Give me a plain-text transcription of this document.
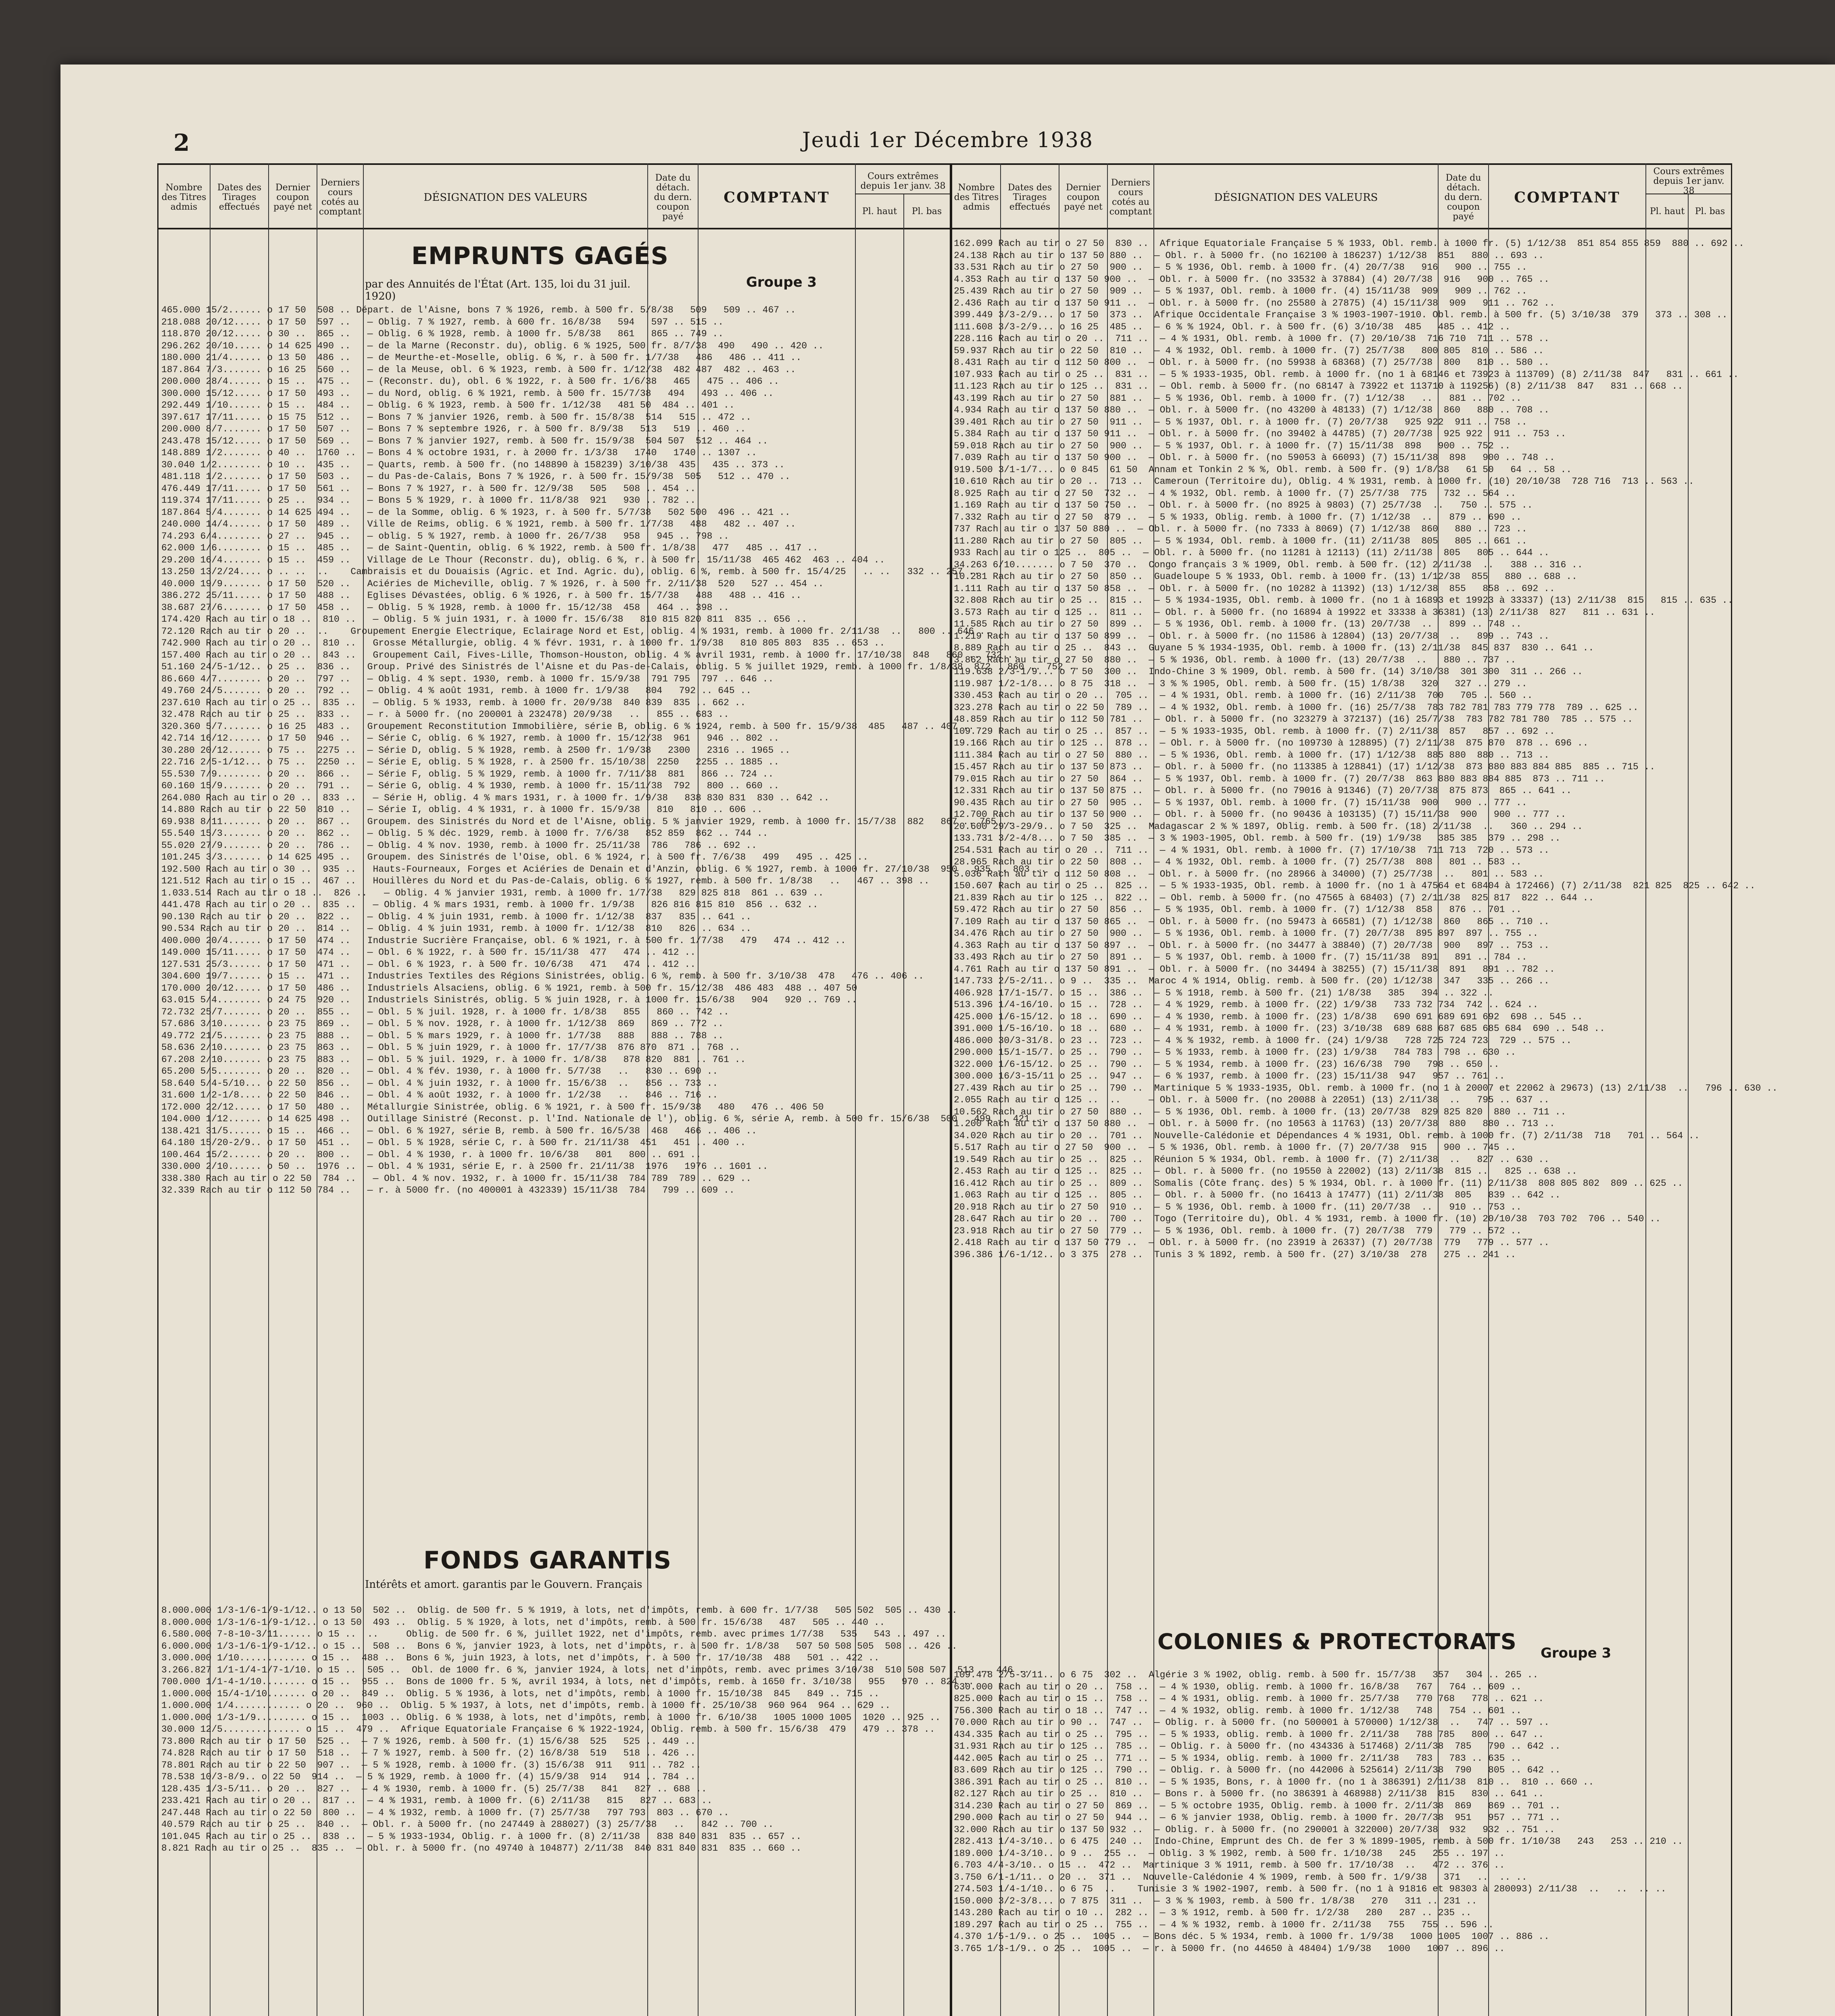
2	Jeudi 1er Décembre 1938
Nombre des Titres admis
Dates des Tirages effectués
Dernier coupon payé net
Derniers cours cotés au comptant
DÉSIGNATION DES VALEURS
Date du détach. du dern. coupon payé
COMPTANT
Cours extrêmes depuis 1er janv. 38
Pl. haut	Pl. bas
Nombre des Titres admis
Dates des Tirages effectués
Dernier coupon payé net
Derniers cours cotés au comptant
DÉSIGNATION DES VALEURS
Date du détach. du dern. coupon payé
COMPTANT
Cours extrêmes depuis 1er janv. 38
Pl. haut	Pl. bas
EMPRUNTS GAGÉS
par des Annuités de l'État (Art. 135, loi du 31 juil. 1920)
Groupe 3
FONDS GARANTIS
Intérêts et amort. garantis par le Gouvern. Français
COLONIES & PROTECTORATS Groupe 3
465.000 15/2...... o 17 50  508 .. Départ. de l'Aisne, bons 7 % 1926, remb. à 500 fr. 5/8/38   509   509 .. 467 ..
218.088 20/12..... o 17 50  597 ..   — Oblig. 7 % 1927, remb. à 600 fr. 16/8/38   594   597 .. 515 ..
118.870 20/12..... o 30 ..  865 ..   — Oblig. 6 % 1928, remb. à 1000 fr. 5/8/38   861   865 .. 749 ..
296.262 20/10..... o 14 625 490 ..   — de la Marne (Reconstr. du), oblig. 6 % 1925, 500 fr. 8/7/38  490   490 .. 420 ..
180.000 21/4...... o 13 50  486 ..   — de Meurthe-et-Moselle, oblig. 6 %, r. à 500 fr. 1/7/38   486   486 .. 411 ..
187.864 7/3....... o 16 25  560 ..   — de la Meuse, obl. 6 % 1923, remb. à 500 fr. 1/12/38  482 487  482 .. 463 ..
200.000 28/4...... o 15 ..  475 ..   — (Reconstr. du), obl. 6 % 1922, r. à 500 fr. 1/6/38   465   475 .. 406 ..
300.000 15/12..... o 17 50  493 ..   — du Nord, oblig. 6 % 1921, remb. à 500 fr. 15/7/38   494   493 .. 406 ..
292.449 1/10...... o 15 ..  484 ..   — Oblig. 6 % 1923, remb. à 500 fr. 1/12/38   481 50  484 .. 401 ..
397.617 17/11..... o 15 75  512 ..   — Bons 7 % janvier 1926, remb. à 500 fr. 15/8/38  514   515 .. 472 ..
200.000 8/7....... o 17 50  507 ..   — Bons 7 % septembre 1926, r. à 500 fr. 8/9/38   513   519 .. 460 ..
243.478 15/12..... o 17 50  569 ..   — Bons 7 % janvier 1927, remb. à 500 fr. 15/9/38  504 507  512 .. 464 ..
148.889 1/2....... o 40 ..  1760 ..  — Bons 4 % octobre 1931, r. à 2000 fr. 1/3/38   1740   1740 .. 1307 ..
30.040 1/2........ o 10 ..  435 ..   — Quarts, remb. à 500 fr. (no 148890 à 158239) 3/10/38  435   435 .. 373 ..
481.118 1/2....... o 17 50  503 ..   — du Pas-de-Calais, Bons 7 % 1926, r. à 500 fr. 15/9/38  505   512 .. 470 ..
476.449 17/11..... o 17 50  561 ..   — Bons 7 % 1927, r. à 500 fr. 12/9/38   505   508 .. 454 ..
119.374 17/11..... o 25 ..  934 ..   — Bons 5 % 1929, r. à 1000 fr. 11/8/38  921   930 .. 782 ..
187.864 5/4....... o 14 625 494 ..   — de la Somme, oblig. 6 % 1923, r. à 500 fr. 5/7/38   502 500  496 .. 421 ..
240.000 14/4...... o 17 50  489 ..   Ville de Reims, oblig. 6 % 1921, remb. à 500 fr. 1/7/38   488   482 .. 407 ..
74.293 6/4........ o 27 ..  945 ..   — oblig. 5 % 1927, remb. à 1000 fr. 26/7/38   958   945 .. 798 ..
62.000 1/6........ o 15 ..  485 ..   — de Saint-Quentin, oblig. 6 % 1922, remb. à 500 fr. 1/8/38   477   485 .. 417 ..
29.200 16/4....... o 15 ..  459 ..   Village de Le Thour (Reconstr. du), oblig. 6 %, r. à 500 fr. 15/11/38  465 462  463 .. 404 ..
13.250 13/2/24.... o .. ..  ..    Cambraisis et du Douaisis (Agric. et Ind. Agric. du), oblig. 6 %, remb. à 500 fr. 15/4/25   .. ..   332 .. 257 ..
40.000 19/9....... o 17 50  520 ..   Aciéries de Micheville, oblig. 7 % 1926, r. à 500 fr. 2/11/38  520   527 .. 454 ..
386.272 25/11..... o 17 50  488 ..   Eglises Dévastées, oblig. 6 % 1926, r. à 500 fr. 15/7/38   488   488 .. 416 ..
38.687 27/6....... o 17 50  458 ..   — Oblig. 5 % 1928, remb. à 1000 fr. 15/12/38  458   464 .. 398 ..
174.420 Rach au tir o 18 ..  810 ..   — Oblig. 5 % juin 1931, r. à 1000 fr. 15/6/38   810 815 820 811  835 .. 656 ..
72.120 Rach au tir o 20 ..  ..    Groupement Energie Electrique, Eclairage Nord et Est, oblig. 4 % 1931, remb. à 1000 fr. 2/11/38  ..   800 .. 646 ..
742.900 Rach au tir o 20 ..  810 ..   Grosse Métallurgie, oblig. 4 % févr. 1931, r. à 1000 fr. 1/9/38   810 805 803  835 .. 653 ..
157.400 Rach au tir o 20 ..  843 ..   Groupement Cail, Fives-Lille, Thomson-Houston, oblig. 4 % avril 1931, remb. à 1000 fr. 17/10/38  848   860 .. 732 ..
51.160 24/5-1/12.. o 25 ..  836 ..   Group. Privé des Sinistrés de l'Aisne et du Pas-de-Calais, oblig. 5 % juillet 1929, remb. à 1000 fr. 1/8/38  872   860 .. 752 ..
86.660 4/7........ o 20 ..  797 ..   — Oblig. 4 % sept. 1930, remb. à 1000 fr. 15/9/38  791 795  797 .. 646 ..
49.760 24/5....... o 20 ..  792 ..   — Oblig. 4 % août 1931, remb. à 1000 fr. 1/9/38   804   792 .. 645 ..
237.610 Rach au tir o 25 ..  835 ..   — Oblig. 5 % 1933, remb. à 1000 fr. 20/9/38  840 839  835 .. 662 ..
32.478 Rach au tir o 25 ..  833 ..   — r. à 5000 fr. (no 200001 à 232478) 20/9/38   ..   855 .. 683 ..
320.360 5/7....... o 16 25  483 ..   Groupement Reconstitution Immobilière, série B, oblig. 6 % 1924, remb. à 500 fr. 15/9/38  485   487 .. 407 ..
42.714 16/12...... o 17 50  946 ..   — Série C, oblig. 6 % 1927, remb. à 1000 fr. 15/12/38  961   946 .. 802 ..
30.280 20/12...... o 75 ..  2275 ..  — Série D, oblig. 5 % 1928, remb. à 2500 fr. 1/9/38   2300   2316 .. 1965 ..
22.716 2/5-1/12... o 75 ..  2250 ..  — Série E, oblig. 5 % 1928, r. à 2500 fr. 15/10/38  2250   2255 .. 1885 ..
55.530 7/9........ o 20 ..  866 ..   — Série F, oblig. 5 % 1929, remb. à 1000 fr. 7/11/38  881   866 .. 724 ..
60.160 15/9....... o 20 ..  791 ..   — Série G, oblig. 4 % 1930, remb. à 1000 fr. 15/11/38  792   800 .. 660 ..
264.080 Rach au tir o 20 ..  833 ..   — Série H, oblig. 4 % mars 1931, r. à 1000 fr. 1/9/38   838 830 831  830 .. 642 ..
14.880 Rach au tir o 22 50  810 ..   — Série I, oblig. 4 % 1931, r. à 1000 fr. 15/9/38   810   810 .. 606 ..
69.938 8/11....... o 20 ..  867 ..   Groupem. des Sinistrés du Nord et de l'Aisne, oblig. 5 % janvier 1929, remb. à 1000 fr. 15/7/38  882   867 .. 765 ..
55.540 15/3....... o 20 ..  862 ..   — Oblig. 5 % déc. 1929, remb. à 1000 fr. 7/6/38   852 859  862 .. 744 ..
55.020 27/9....... o 20 ..  786 ..   — Oblig. 4 % nov. 1930, remb. à 1000 fr. 25/11/38  786   786 .. 692 ..
101.245 3/3....... o 14 625 495 ..   Groupem. des Sinistrés de l'Oise, obl. 6 % 1924, r. à 500 fr. 7/6/38   499   495 .. 425 ..
192.500 Rach au tir o 30 ..  935 ..   Hauts-Fourneaux, Forges et Aciéries de Denain et d'Anzin, oblig. 6 % 1927, remb. à 1000 fr. 27/10/38  950   935 .. 803 ..
121.512 Rach au tir o 15 ..  467 ..   Houillères du Nord et du Pas-de-Calais, oblig. 6 % 1927, remb. à 500 fr. 1/8/38   ..   467 .. 398 ..
1.033.514 Rach au tir o 18 ..  826 ..   — Oblig. 4 % janvier 1931, remb. à 1000 fr. 1/7/38   829 825 818  861 .. 639 ..
441.478 Rach au tir o 20 ..  835 ..   — Oblig. 4 % mars 1931, remb. à 1000 fr. 1/9/38   826 816 815 810  856 .. 632 ..
90.130 Rach au tir o 20 ..  822 ..   — Oblig. 4 % juin 1931, remb. à 1000 fr. 1/12/38  837   835 .. 641 ..
90.534 Rach au tir o 20 ..  814 ..   — Oblig. 4 % juin 1931, remb. à 1000 fr. 1/12/38  810   826 .. 634 ..
400.000 20/4...... o 17 50  474 ..   Industrie Sucrière Française, obl. 6 % 1921, r. à 500 fr. 1/7/38   479   474 .. 412 ..
149.000 15/11..... o 17 50  474 ..   — Obl. 6 % 1922, r. à 500 fr. 15/11/38  477   474 .. 412 ..
127.531 25/3...... o 17 50  471 ..   — Obl. 6 % 1923, r. à 500 fr. 10/6/38   471   474 .. 412 ..
304.600 19/7...... o 15 ..  471 ..   Industries Textiles des Régions Sinistrées, oblig. 6 %, remb. à 500 fr. 3/10/38  478   476 .. 406 ..
170.000 20/12..... o 17 50  486 ..   Industriels Alsaciens, oblig. 6 % 1921, remb. à 500 fr. 15/12/38  486 483  488 .. 407 50
63.015 5/4........ o 24 75  920 ..   Industriels Sinistrés, oblig. 5 % juin 1928, r. à 1000 fr. 15/6/38   904   920 .. 769 ..
72.732 25/7....... o 20 ..  855 ..   — Obl. 5 % juil. 1928, r. à 1000 fr. 1/8/38   855   860 .. 742 ..
57.686 3/10....... o 23 75  869 ..   — Obl. 5 % nov. 1928, r. à 1000 fr. 1/12/38  869   869 .. 772 ..
49.772 21/5....... o 23 75  888 ..   — Obl. 5 % mars 1929, r. à 1000 fr. 1/7/38   888   888 .. 788 ..
58.636 2/10....... o 23 75  863 ..   — Obl. 5 % juin 1929, r. à 1000 fr. 17/7/38  876 870  871 .. 768 ..
67.208 2/10....... o 23 75  883 ..   — Obl. 5 % juil. 1929, r. à 1000 fr. 1/8/38   878 820  881 .. 761 ..
65.200 5/5........ o 20 ..  820 ..   — Obl. 4 % fév. 1930, r. à 1000 fr. 5/7/38   ..   830 .. 690 ..
58.640 5/4-5/10... o 22 50  856 ..   — Obl. 4 % juin 1932, r. à 1000 fr. 15/6/38  ..   856 .. 733 ..
31.600 1/2-1/8.... o 22 50  846 ..   — Obl. 4 % août 1932, r. à 1000 fr. 1/2/38   ..   846 .. 716 ..
172.000 22/12..... o 17 50  480 ..   Métallurgie Sinistrée, oblig. 6 % 1921, r. à 500 fr. 15/9/38   480   476 .. 406 50
104.000 1/12...... o 14 625 498 ..   Outillage Sinistré (Reconst. p. l'Ind. Nationale de l'), oblig. 6 %, série A, remb. à 500 fr. 15/6/38  500   499 .. 421 ..
138.421 31/5...... o 15 ..  466 ..   — Obl. 6 % 1927, série B, remb. à 500 fr. 16/5/38  468   466 .. 406 ..
64.180 15/20-2/9.. o 17 50  451 ..   — Obl. 5 % 1928, série C, r. à 500 fr. 21/11/38  451   451 .. 400 ..
100.464 15/2...... o 20 ..  800 ..   — Obl. 4 % 1930, r. à 1000 fr. 10/6/38   801   800 .. 691 ..
330.000 2/10...... o 50 ..  1976 ..  — Obl. 4 % 1931, série E, r. à 2500 fr. 21/11/38  1976   1976 .. 1601 ..
338.380 Rach au tir o 22 50  784 ..   — Obl. 4 % nov. 1932, r. à 1000 fr. 15/11/38  784 789  789 .. 629 ..
32.339 Rach au tir o 112 50 784 ..   — r. à 5000 fr. (no 400001 à 432339) 15/11/38  784   799 .. 609 ..
8.000.000 1/3-1/6-1/9-1/12.. o 13 50  502 ..  Oblig. de 500 fr. 5 % 1919, à lots, net d'impôts, remb. à 600 fr. 1/7/38   505 502  505 .. 430 ..
8.000.000 1/3-1/6-1/9-1/12.. o 13 50  493 ..  Oblig. 5 % 1920, à lots, net d'impôts, remb. à 500 fr. 15/6/38   487   505 .. 440 ..
6.580.000 7-8-10-3/11...... o 15 ..  ..     Oblig. de 500 fr. 6 %, juillet 1922, net d'impôts, remb. avec primes 1/7/38   535   543 .. 497 ..
6.000.000 1/3-1/6-1/9-1/12.. o 15 ..  508 ..  Bons 6 %, janvier 1923, à lots, net d'impôts, r. à 500 fr. 1/8/38   507 50 508 505  508 .. 426 ..
3.000.000 1/10............ o 15 ..  488 ..  Bons 6 %, juin 1923, à lots, net d'impôts, r. à 500 fr. 17/10/38  488   501 .. 422 ..
3.266.827 1/1-1/4-1/7-1/10. o 15 ..  505 ..  Obl. de 1000 fr. 6 %, janvier 1924, à lots, net d'impôts, remb. avec primes 3/10/38  510 508 507  513 .. 446 ..
700.000 1/1-4-1/10........ o 15 ..  955 ..  Bons de 1000 fr. 5 %, avril 1934, à lots, net d'impôts, remb. à 1650 fr. 3/10/38   955   970 .. 824 ..
1.000.000 15/4-1/10....... o 20 ..  849 ..  Oblig. 5 % 1936, à lots, net d'impôts, remb. à 1000 fr. 15/10/38  845   849 .. 715 ..
1.000.000 1/4............ o 20 ..  960 ..  Oblig. 5 % 1937, à lots, net d'impôts, remb. à 1000 fr. 25/10/38  960 964  964 .. 629 ..
1.000.000 1/3-1/9......... o 15 ..  1003 .. Oblig. 6 % 1938, à lots, net d'impôts, remb. à 1000 fr. 6/10/38   1005 1000 1005  1020 .. 925 ..
30.000 12/5.............. o 15 ..  479 ..  Afrique Equatoriale Française 6 % 1922-1924, Oblig. remb. à 500 fr. 15/6/38  479   479 .. 378 ..
73.800 Rach au tir o 17 50  525 ..  — 7 % 1926, remb. à 500 fr. (1) 15/6/38  525   525 .. 449 ..
74.828 Rach au tir o 17 50  518 ..  — 7 % 1927, remb. à 500 fr. (2) 16/8/38  519   518 .. 426 ..
78.801 Rach au tir o 22 50  907 ..  — 5 % 1928, remb. à 1000 fr. (3) 15/6/38  911   911 .. 782 ..
78.538 10/3-8/9.. o 22 50  914 ..  — 5 % 1929, remb. à 1000 fr. (4) 15/9/38  914   914 .. 784 ..
128.435 1/3-5/11.. o 20 ..  827 ..  — 4 % 1930, remb. à 1000 fr. (5) 25/7/38   841   827 .. 688 ..
233.421 Rach au tir o 20 ..  817 ..  — 4 % 1931, remb. à 1000 fr. (6) 2/11/38   815   827 .. 683 ..
247.448 Rach au tir o 22 50  800 ..  — 4 % 1932, remb. à 1000 fr. (7) 25/7/38   797 793  803 .. 670 ..
40.579 Rach au tir o 25 ..  840 ..  — Obl. r. à 5000 fr. (no 247449 à 288027) (3) 25/7/38   ..   842 .. 700 ..
101.045 Rach au tir o 25 ..  838 ..  — 5 % 1933-1934, Oblig. r. à 1000 fr. (8) 2/11/38   838 840 831  835 .. 657 ..
8.821 Rach au tir o 25 ..  835 ..  — Obl. r. à 5000 fr. (no 49740 à 104877) 2/11/38  840 831 840 831  835 .. 660 ..
162.099 Rach au tir o 27 50  830 ..  Afrique Equatoriale Française 5 % 1933, Obl. remb. à 1000 fr. (5) 1/12/38  851 854 855 859  880 .. 692 ..
24.138 Rach au tir o 137 50 880 ..  — Obl. r. à 5000 fr. (no 162100 à 186237) 1/12/38  851   880 .. 693 ..
33.531 Rach au tir o 27 50  900 ..  — 5 % 1936, Obl. remb. à 1000 fr. (4) 20/7/38   916   900 .. 755 ..
4.353 Rach au tir o 137 50 900 ..  — Obl. r. à 5000 fr. (no 33532 à 37884) (4) 20/7/38  916   900 .. 765 ..
25.439 Rach au tir o 27 50  909 ..  — 5 % 1937, Obl. remb. à 1000 fr. (4) 15/11/38  909   909 .. 762 ..
2.436 Rach au tir o 137 50 911 ..  — Obl. r. à 5000 fr. (no 25580 à 27875) (4) 15/11/38  909   911 .. 762 ..
399.449 3/3-2/9... o 17 50  373 ..  Afrique Occidentale Française 3 % 1903-1907-1910. Obl. remb. à 500 fr. (5) 3/10/38  379   373 .. 308 ..
111.608 3/3-2/9... o 16 25  485 ..  — 6 % % 1924, Obl. r. à 500 fr. (6) 3/10/38  485   485 .. 412 ..
228.116 Rach au tir o 20 ..  711 ..  — 4 % 1931, Obl. remb. à 1000 fr. (7) 20/10/38  716 710  711 .. 578 ..
59.937 Rach au tir o 22 50  810 ..  — 4 % 1932, Obl. remb. à 1000 fr. (7) 25/7/38   800 805  810 .. 586 ..
8.431 Rach au tir o 112 50 800 ..  — Obl. r. à 5000 fr. (no 59938 à 68368) (7) 25/7/38  800   810 .. 580 ..
107.933 Rach au tir o 25 ..  831 ..  — 5 % 1933-1935, Obl. remb. à 1000 fr. (no 1 à 68146 et 73923 à 113709) (8) 2/11/38  847   831 .. 661 ..
11.123 Rach au tir o 125 ..  831 ..  — Obl. remb. à 5000 fr. (no 68147 à 73922 et 113710 à 119256) (8) 2/11/38  847   831 .. 668 ..
43.199 Rach au tir o 27 50  881 ..  — 5 % 1936, Obl. remb. à 1000 fr. (7) 1/12/38   ..   881 .. 702 ..
4.934 Rach au tir o 137 50 880 ..  — Obl. r. à 5000 fr. (no 43200 à 48133) (7) 1/12/38  860   880 .. 708 ..
39.401 Rach au tir o 27 50  911 ..  — 5 % 1937, Obl. r. à 1000 fr. (7) 20/7/38   925 922  911 .. 758 ..
5.384 Rach au tir o 137 50 911 ..  — Obl. r. à 5000 fr. (no 39402 à 44785) (7) 20/7/38  925 922  911 .. 753 ..
59.018 Rach au tir o 27 50  900 ..  — 5 % 1937, Obl. r. à 1000 fr. (7) 15/11/38  898   900 .. 752 ..
7.039 Rach au tir o 137 50 900 ..  — Obl. r. à 5000 fr. (no 59053 à 66093) (7) 15/11/38  898   900 .. 748 ..
919.500 3/1-1/7... o 0 845  61 50  Annam et Tonkin 2 % %, Obl. remb. à 500 fr. (9) 1/8/38   61 50   64 .. 58 ..
10.610 Rach au tir o 20 ..  713 ..  Cameroun (Territoire du), Oblig. 4 % 1931, remb. à 1000 fr. (10) 20/10/38  728 716  713 .. 563 ..
8.925 Rach au tir o 27 50  732 ..  — 4 % 1932, Obl. remb. à 1000 fr. (7) 25/7/38  775   732 .. 564 ..
1.169 Rach au tir o 137 50 750 ..  — Obl. r. à 5000 fr. (no 8925 à 9803) (7) 25/7/38  ..   750 .. 575 ..
7.332 Rach au tir o 27 50  879 ..  — 5 % 1933, Oblig. remb. à 1000 fr. (7) 1/12/38  ..   879 .. 690 ..
737 Rach au tir o 137 50 880 ..  — Obl. r. à 5000 fr. (no 7333 à 8069) (7) 1/12/38  860   880 .. 723 ..
11.280 Rach au tir o 27 50  805 ..  — 5 % 1934, Obl. remb. à 1000 fr. (11) 2/11/38  805   805 .. 661 ..
933 Rach au tir o 125 ..  805 ..  — Obl. r. à 5000 fr. (no 11281 à 12113) (11) 2/11/38  805   805 .. 644 ..
34.263 6/10....... o 7 50  370 ..  Congo français 3 % 1909, Obl. remb. à 500 fr. (12) 2/11/38  ..   388 .. 316 ..
10.281 Rach au tir o 27 50  850 ..  Guadeloupe 5 % 1933, Obl. remb. à 1000 fr. (13) 1/12/38  855   880 .. 688 ..
1.111 Rach au tir o 137 50 858 ..  — Obl. r. à 5000 fr. (no 10282 à 11392) (13) 1/12/38  855   858 .. 692 ..
32.808 Rach au tir o 25 ..  815 ..  — 5 % 1934-1935, Obl. remb. à 1000 fr. (no 1 à 16893 et 19923 à 33337) (13) 2/11/38  815   815 .. 635 ..
3.573 Rach au tir o 125 ..  811 ..  — Obl. r. à 5000 fr. (no 16894 à 19922 et 33338 à 36381) (13) 2/11/38  827   811 .. 631 ..
11.585 Rach au tir o 27 50  899 ..  — 5 % 1936, Obl. remb. à 1000 fr. (13) 20/7/38  ..   899 .. 748 ..
1.219 Rach au tir o 137 50 899 ..  — Obl. r. à 5000 fr. (no 11586 à 12804) (13) 20/7/38  ..   899 .. 743 ..
8.889 Rach au tir o 25 ..  843 ..  Guyane 5 % 1934-1935, Obl. remb. à 1000 fr. (13) 2/11/38  845 837  830 .. 641 ..
3.862 Rach au tir o 27 50  880 ..  — 5 % 1936, Obl. remb. à 1000 fr. (13) 20/7/38  ..   880 .. 737 ..
119.638 2/3-1/9... o 7 50  300 ..  Indo-Chine 3 % 1909, Obl. remb. à 500 fr. (14) 3/10/38  301 300  311 .. 266 ..
119.987 1/2-1/8... o 8 75  318 ..  — 3 % % 1905, Obl. remb. à 500 fr. (15) 1/8/38   320   327 .. 279 ..
330.453 Rach au tir o 20 ..  705 ..  — 4 % 1931, Obl. remb. à 1000 fr. (16) 2/11/38  700   705 .. 560 ..
323.278 Rach au tir o 22 50  789 ..  — 4 % 1932, Obl. remb. à 1000 fr. (16) 25/7/38  783 782 781 783 779 778  789 .. 625 ..
48.859 Rach au tir o 112 50 781 ..  — Obl. r. à 5000 fr. (no 323279 à 372137) (16) 25/7/38  783 782 781 780  785 .. 575 ..
109.729 Rach au tir o 25 ..  857 ..  — 5 % 1933-1935, Obl. remb. à 1000 fr. (7) 2/11/38  857   857 .. 692 ..
19.166 Rach au tir o 125 ..  878 ..  — Obl. r. à 5000 fr. (no 109730 à 128895) (7) 2/11/38  875 870  878 .. 696 ..
111.384 Rach au tir o 27 50  880 ..  — 5 % 1936, Obl. remb. à 1000 fr. (17) 1/12/38  885 880  880 .. 713 ..
15.457 Rach au tir o 137 50 873 ..  — Obl. r. à 5000 fr. (no 113385 à 128841) (17) 1/12/38  873 880 883 884 885  885 .. 715 ..
79.015 Rach au tir o 27 50  864 ..  — 5 % 1937, Obl. remb. à 1000 fr. (7) 20/7/38  863 880 883 884 885  873 .. 711 ..
12.331 Rach au tir o 137 50 875 ..  — Obl. r. à 5000 fr. (no 79016 à 91346) (7) 20/7/38  875 873  865 .. 641 ..
90.435 Rach au tir o 27 50  905 ..  — 5 % 1937, Obl. remb. à 1000 fr. (7) 15/11/38  900   900 .. 777 ..
12.700 Rach au tir o 137 50 900 ..  — Obl. r. à 5000 fr. (no 90436 à 103135) (7) 15/11/38  900   900 .. 777 ..
20.600 29/3-29/9.. o 7 50  325 ..  Madagascar 2 % % 1897, Oblig. remb. à 500 fr. (18) 2/11/38  ..   360 .. 294 ..
133.731 3/2-4/8... o 7 50  385 ..  — 3 % 1903-1905, Obl. remb. à 500 fr. (19) 1/9/38   385 385  379 .. 298 ..
254.531 Rach au tir o 20 ..  711 ..  — 4 % 1931, Obl. remb. à 1000 fr. (7) 17/10/38  711 713  720 .. 573 ..
28.965 Rach au tir o 22 50  808 ..  — 4 % 1932, Obl. remb. à 1000 fr. (7) 25/7/38  808   801 .. 583 ..
5.036 Rach au tir o 112 50 808 ..  — Obl. r. à 5000 fr. (no 28966 à 34000) (7) 25/7/38  ..   801 .. 583 ..
150.607 Rach au tir o 25 ..  825 ..  — 5 % 1933-1935, Obl. remb. à 1000 fr. (no 1 à 47564 et 68404 à 172466) (7) 2/11/38  821 825  825 .. 642 ..
21.839 Rach au tir o 125 ..  822 ..  — Obl. remb. à 5000 fr. (no 47565 à 68403) (7) 2/11/38  825 817  822 .. 644 ..
59.472 Rach au tir o 27 50  856 ..  — 5 % 1935, Obl. remb. à 1000 fr. (7) 1/12/38  858   876 .. 701 ..
7.109 Rach au tir o 137 50 865 ..  — Obl. r. à 5000 fr. (no 59473 à 66581) (7) 1/12/38  860   865 .. 710 ..
34.476 Rach au tir o 27 50  900 ..  — 5 % 1936, Obl. remb. à 1000 fr. (7) 20/7/38  895 897  897 .. 755 ..
4.363 Rach au tir o 137 50 897 ..  — Obl. r. à 5000 fr. (no 34477 à 38840) (7) 20/7/38  900   897 .. 753 ..
33.493 Rach au tir o 27 50  891 ..  — 5 % 1937, Obl. remb. à 1000 fr. (7) 15/11/38  891   891 .. 784 ..
4.761 Rach au tir o 137 50 891 ..  — Obl. r. à 5000 fr. (no 34494 à 38255) (7) 15/11/38  891   891 .. 782 ..
147.733 2/5-2/11.. o 9 ..  335 ..  Maroc 4 % 1914, Oblig. remb. à 500 fr. (20) 1/12/38  347   335 .. 266 ..
406.928 17/1-15/7. o 15 ..  386 ..  — 5 % 1918, remb. à 500 fr. (21) 1/8/38   385   394 .. 322 ..
513.396 1/4-16/10. o 15 ..  728 ..  — 4 % 1929, remb. à 1000 fr. (22) 1/9/38   733 732 734  742 .. 624 ..
425.000 1/6-15/12. o 18 ..  690 ..  — 4 % 1930, remb. à 1000 fr. (23) 1/8/38   690 691 689 691 692  698 .. 545 ..
391.000 1/5-16/10. o 18 ..  680 ..  — 4 % 1931, remb. à 1000 fr. (23) 3/10/38  689 688 687 685 685 684  690 .. 548 ..
486.000 30/3-31/8. o 23 ..  723 ..  — 4 % % 1932, remb. à 1000 fr. (24) 1/9/38   728 725 724 723  729 .. 575 ..
290.000 15/1-15/7. o 25 ..  790 ..  — 5 % 1933, remb. à 1000 fr. (23) 1/9/38   784 783  798 .. 630 ..
322.000 1/6-15/12. o 25 ..  790 ..  — 5 % 1934, remb. à 1000 fr. (23) 16/6/38  790   798 .. 650 ..
300.000 16/3-15/11 o 25 ..  947 ..  — 6 % 1937, remb. à 1000 fr. (23) 15/11/38  947   957 .. 761 ..
27.439 Rach au tir o 25 ..  790 ..  Martinique 5 % 1933-1935, Obl. remb. à 1000 fr. (no 1 à 20007 et 22062 à 29673) (13) 2/11/38  ..   796 .. 630 ..
2.055 Rach au tir o 125 ..  ..     — Obl. r. à 5000 fr. (no 20088 à 22051) (13) 2/11/38  ..   795 .. 637 ..
10.562 Rach au tir o 27 50  880 ..  — 5 % 1936, Obl. remb. à 1000 fr. (13) 20/7/38  829 825 820  880 .. 711 ..
1.200 Rach au tir o 137 50 880 ..  — Obl. r. à 5000 fr. (no 10563 à 11763) (13) 20/7/38  880   880 .. 713 ..
34.020 Rach au tir o 20 ..  701 ..  Nouvelle-Calédonie et Dépendances 4 % 1931, Obl. remb. à 1000 fr. (7) 2/11/38  718   701 .. 564 ..
5.517 Rach au tir o 27 50  900 ..  — 5 % 1936, Obl. remb. à 1000 fr. (7) 20/7/38  915   900 .. 745 ..
19.549 Rach au tir o 25 ..  825 ..  Réunion 5 % 1934, Obl. remb. à 1000 fr. (7) 2/11/38  ..   827 .. 630 ..
2.453 Rach au tir o 125 ..  825 ..  — Obl. r. à 5000 fr. (no 19550 à 22002) (13) 2/11/38  815 ..   825 .. 638 ..
16.412 Rach au tir o 25 ..  809 ..  Somalis (Côte franç. des) 5 % 1934, Obl. r. à 1000 fr. (11) 2/11/38  808 805 802  809 .. 625 ..
1.063 Rach au tir o 125 ..  805 ..  — Obl. r. à 5000 fr. (no 16413 à 17477) (11) 2/11/38  805   839 .. 642 ..
20.918 Rach au tir o 27 50  910 ..  — 5 % 1936, Obl. remb. à 1000 fr. (11) 20/7/38  ..   910 .. 753 ..
28.647 Rach au tir o 20 ..  700 ..  Togo (Territoire du), Obl. 4 % 1931, remb. à 1000 fr. (10) 20/10/38  703 702  706 .. 540 ..
23.918 Rach au tir o 27 50  779 ..  — 5 % 1936, Obl. remb. à 1000 fr. (7) 20/7/38  779   779 .. 572 ..
2.418 Rach au tir o 137 50 779 ..  — Obl. r. à 5000 fr. (no 23919 à 26337) (7) 20/7/38  779   779 .. 577 ..
396.386 1/6-1/12.. o 3 375  278 ..  Tunis 3 % 1892, remb. à 500 fr. (27) 3/10/38  278   275 .. 241 ..
109.478 2/5-3/11.. o 6 75  302 ..  Algérie 3 % 1902, oblig. remb. à 500 fr. 15/7/38   357   304 .. 265 ..
630.000 Rach au tir o 20 ..  758 ..  — 4 % 1930, oblig. remb. à 1000 fr. 16/8/38   767   764 .. 609 ..
825.000 Rach au tir o 15 ..  758 ..  — 4 % 1931, oblig. remb. à 1000 fr. 25/7/38   770 768   778 .. 621 ..
756.300 Rach au tir o 18 ..  747 ..  — 4 % 1932, oblig. remb. à 1000 fr. 1/12/38   748   754 .. 601 ..
70.000 Rach au tir o 90 ..  747 ..  — Oblig. r. à 5000 fr. (no 500001 à 570000) 1/12/38  ..   747 .. 597 ..
434.335 Rach au tir o 25 ..  795 ..  — 5 % 1933, oblig. remb. à 1000 fr. 2/11/38   788 785   800 .. 647 ..
31.931 Rach au tir o 125 ..  785 ..  — Oblig. r. à 5000 fr. (no 434336 à 517468) 2/11/38  785   790 .. 642 ..
442.005 Rach au tir o 25 ..  771 ..  — 5 % 1934, oblig. remb. à 1000 fr. 2/11/38   783   783 .. 635 ..
83.609 Rach au tir o 125 ..  790 ..  — Oblig. r. à 5000 fr. (no 442006 à 525614) 2/11/38  790   805 .. 642 ..
386.391 Rach au tir o 25 ..  810 ..  — 5 % 1935, Bons, r. à 1000 fr. (no 1 à 386391) 2/11/38  810 ..  810 .. 660 ..
82.127 Rach au tir o 25 ..  810 ..  — Bons r. à 5000 fr. (no 386391 à 468988) 2/11/38  815   830 .. 641 ..
314.230 Rach au tir o 27 50  869 ..  — 5 % octobre 1935, Oblig. remb. à 1000 fr. 2/11/38  869   869 .. 701 ..
290.000 Rach au tir o 27 50  944 ..  — 6 % janvier 1938, Oblig. remb. à 1000 fr. 20/7/38  951   957 .. 771 ..
32.000 Rach au tir o 137 50 932 ..  — Oblig. r. à 5000 fr. (no 290001 à 322000) 20/7/38  932   932 .. 751 ..
282.413 1/4-3/10.. o 6 475  240 ..  Indo-Chine, Emprunt des Ch. de fer 3 % 1899-1905, remb. à 500 fr. 1/10/38   243   253 .. 210 ..
189.000 1/4-3/10.. o 9 ..  255 ..  — Oblig. 3 % 1902, remb. à 500 fr. 1/10/38   245   255 .. 197 ..
6.703 4/4-3/10.. o 15 ..  472 ..  Martinique 3 % 1911, remb. à 500 fr. 17/10/38  ..   472 .. 376 ..
3.750 6/1-1/11.. o 20 ..  371 ..  Nouvelle-Calédonie 4 % 1909, remb. à 500 fr. 1/9/38   371   ..  .. ..
274.503 1/4-1/10.. o 6 75  ..    Tunisie 3 % 1902-1907, remb. à 500 fr. (no 1 à 91816 et 98303 à 280093) 2/11/38  ..   ..  .. ..
150.000 3/2-3/8... o 7 875  311 ..  — 3 % % 1903, remb. à 500 fr. 1/8/38   270   311 .. 231 ..
143.280 Rach au tir o 10 ..  282 ..  — 3 % 1912, remb. à 500 fr. 1/2/38   280   287 .. 235 ..
189.297 Rach au tir o 25 ..  755 ..  — 4 % % 1932, remb. à 1000 fr. 2/11/38   755   755 .. 596 ..
4.370 1/5-1/9.. o 25 ..  1005 ..  — Bons déc. 5 % 1934, remb. à 1000 fr. 1/9/38   1000 1005  1007 .. 886 ..
3.765 1/3-1/9.. o 25 ..  1005 ..  — r. à 5000 fr. (no 44650 à 48404) 1/9/38   1000   1007 .. 896 ..
